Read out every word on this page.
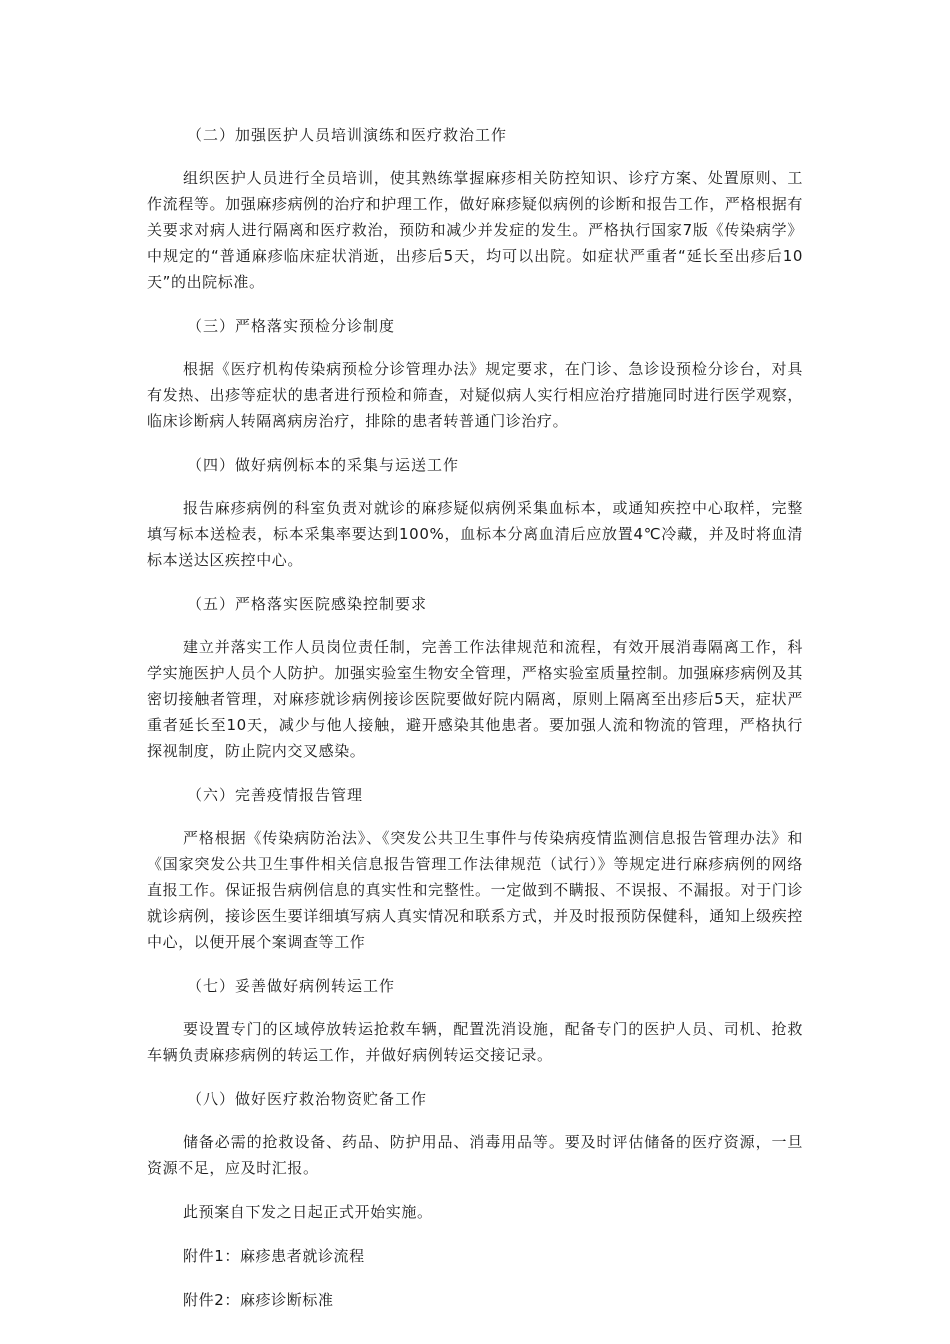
（二）加强医护人员培训演练和医疗救治工作
组织医护人员进行全员培训，使其熟练掌握麻疹相关防控知识、诊疗方案、处置原则、工作流程等。加强麻疹病例的治疗和护理工作，做好麻疹疑似病例的诊断和报告工作，严格根据有关要求对病人进行隔离和医疗救治，预防和减少并发症的发生。严格执行国家7版《传染病学》中规定的“普通麻疹临床症状消逝，出疹后5天，均可以出院。如症状严重者“延长至出疹后10天”的出院标准。
（三）严格落实预检分诊制度
根据《医疗机构传染病预检分诊管理办法》规定要求，在门诊、急诊设预检分诊台，对具有发热、出疹等症状的患者进行预检和筛查，对疑似病人实行相应治疗措施同时进行医学观察，临床诊断病人转隔离病房治疗，排除的患者转普通门诊治疗。
（四）做好病例标本的采集与运送工作
报告麻疹病例的科室负责对就诊的麻疹疑似病例采集血标本，或通知疾控中心取样，完整填写标本送检表，标本采集率要达到100%，血标本分离血清后应放置4℃冷藏，并及时将血清标本送达区疾控中心。
（五）严格落实医院感染控制要求
建立并落实工作人员岗位责任制，完善工作法律规范和流程，有效开展消毒隔离工作，科学实施医护人员个人防护。加强实验室生物安全管理，严格实验室质量控制。加强麻疹病例及其密切接触者管理，对麻疹就诊病例接诊医院要做好院内隔离，原则上隔离至出疹后5天，症状严重者延长至10天，减少与他人接触，避开感染其他患者。要加强人流和物流的管理，严格执行探视制度，防止院内交叉感染。
（六）完善疫情报告管理
严格根据《传染病防治法》、《突发公共卫生事件与传染病疫情监测信息报告管理办法》和《国家突发公共卫生事件相关信息报告管理工作法律规范（试行）》等规定进行麻疹病例的网络直报工作。保证报告病例信息的真实性和完整性。一定做到不瞒报、不误报、不漏报。对于门诊就诊病例，接诊医生要详细填写病人真实情况和联系方式，并及时报预防保健科，通知上级疾控中心，以便开展个案调查等工作
（七）妥善做好病例转运工作
要设置专门的区域停放转运抢救车辆，配置洗消设施，配备专门的医护人员、司机、抢救车辆负责麻疹病例的转运工作，并做好病例转运交接记录。
（八）做好医疗救治物资贮备工作
储备必需的抢救设备、药品、防护用品、消毒用品等。要及时评估储备的医疗资源，一旦资源不足，应及时汇报。
此预案自下发之日起正式开始实施。
附件1：麻疹患者就诊流程
附件2：麻疹诊断标准
